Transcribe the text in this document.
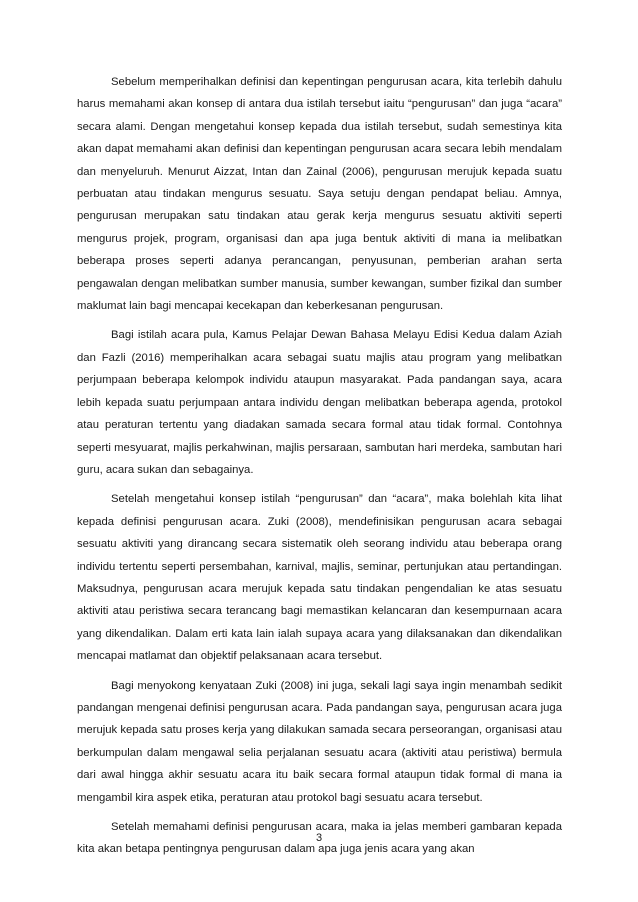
Sebelum memperihalkan definisi dan kepentingan pengurusan acara, kita terlebih dahulu harus memahami akan konsep di antara dua istilah tersebut iaitu “pengurusan” dan juga “acara” secara alami. Dengan mengetahui konsep kepada dua istilah tersebut, sudah semestinya kita akan dapat memahami akan definisi dan kepentingan pengurusan acara secara lebih mendalam dan menyeluruh. Menurut Aizzat, Intan dan Zainal (2006), pengurusan merujuk kepada suatu perbuatan atau tindakan mengurus sesuatu. Saya setuju dengan pendapat beliau. Amnya, pengurusan merupakan satu tindakan atau gerak kerja mengurus sesuatu aktiviti seperti mengurus projek, program, organisasi dan apa juga bentuk aktiviti di mana ia melibatkan beberapa proses seperti adanya perancangan, penyusunan, pemberian arahan serta pengawalan dengan melibatkan sumber manusia, sumber kewangan, sumber fizikal dan sumber maklumat lain bagi mencapai kecekapan dan keberkesanan pengurusan.

Bagi istilah acara pula, Kamus Pelajar Dewan Bahasa Melayu Edisi Kedua dalam Aziah dan Fazli (2016) memperihalkan acara sebagai suatu majlis atau program yang melibatkan perjumpaan beberapa kelompok individu ataupun masyarakat. Pada pandangan saya, acara lebih kepada suatu perjumpaan antara individu dengan melibatkan beberapa agenda, protokol atau peraturan tertentu yang diadakan samada secara formal atau tidak formal. Contohnya seperti mesyuarat, majlis perkahwinan, majlis persaraan, sambutan hari merdeka, sambutan hari guru, acara sukan dan sebagainya.

Setelah mengetahui konsep istilah “pengurusan” dan “acara”, maka bolehlah kita lihat kepada definisi pengurusan acara. Zuki (2008), mendefinisikan pengurusan acara sebagai sesuatu aktiviti yang dirancang secara sistematik oleh seorang individu atau beberapa orang individu tertentu seperti persembahan, karnival, majlis, seminar, pertunjukan atau pertandingan. Maksudnya, pengurusan acara merujuk kepada satu tindakan pengendalian ke atas sesuatu aktiviti atau peristiwa secara terancang bagi memastikan kelancaran dan kesempurnaan acara yang dikendalikan. Dalam erti kata lain ialah supaya acara yang dilaksanakan dan dikendalikan mencapai matlamat dan objektif pelaksanaan acara tersebut.

Bagi menyokong kenyataan Zuki (2008) ini juga, sekali lagi saya ingin menambah sedikit pandangan mengenai definisi pengurusan acara. Pada pandangan saya, pengurusan acara juga merujuk kepada satu proses kerja yang dilakukan samada secara perseorangan, organisasi atau berkumpulan dalam mengawal selia perjalanan sesuatu acara (aktiviti atau peristiwa) bermula dari awal hingga akhir sesuatu acara itu baik secara formal ataupun tidak formal di mana ia mengambil kira aspek etika, peraturan atau protokol bagi sesuatu acara tersebut.

Setelah memahami definisi pengurusan acara, maka ia jelas memberi gambaran kepada kita akan betapa pentingnya pengurusan dalam apa juga jenis acara yang akan

3
